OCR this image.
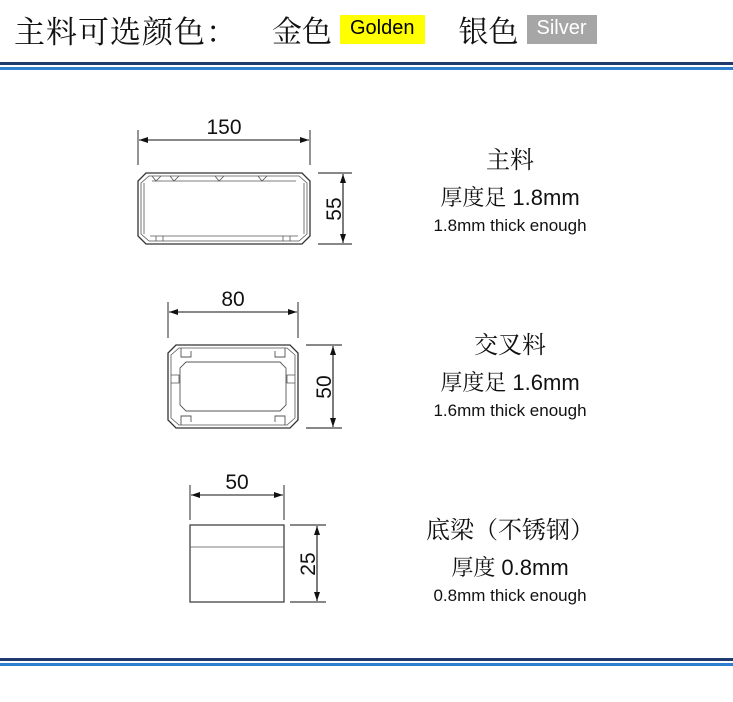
主料可选颜色： 金色 Golden	银色 Silver
150
55
80
50
50
25
主料
厚度足 1.8mm
1.8mm thick enough
交叉料
厚度足 1.6mm
1.6mm thick enough
底梁（不锈钢）
厚度 0.8mm
0.8mm thick enough
